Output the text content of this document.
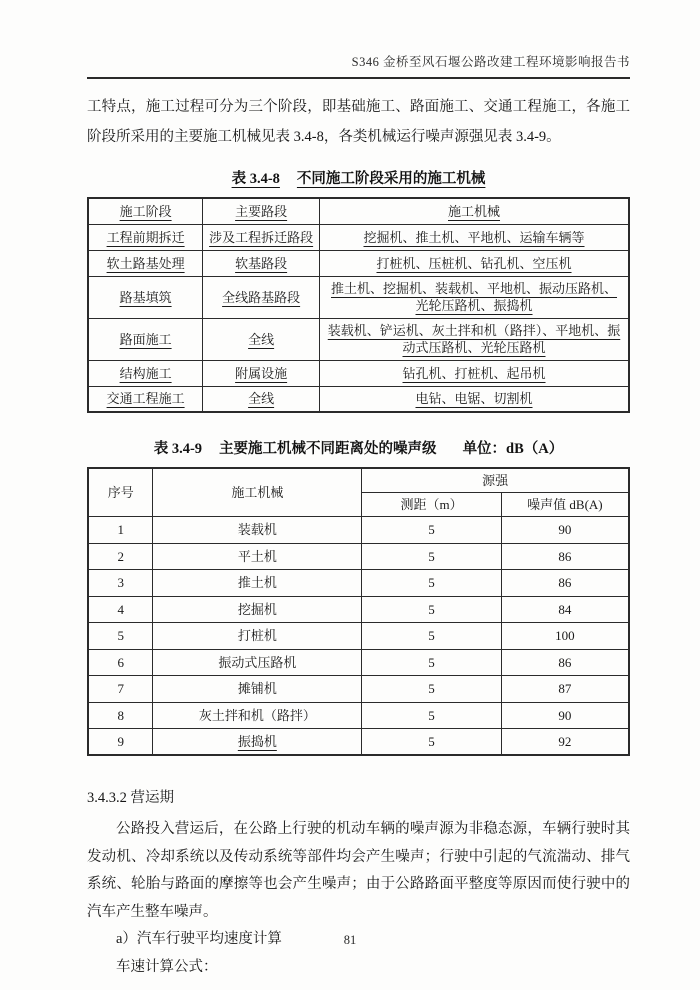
S346 金桥至风石堰公路改建工程环境影响报告书

工特点，施工过程可分为三个阶段，即基础施工、路面施工、交通工程施工，各施工阶段所采用的主要施工机械见表 3.4-8，各类机械运行噪声源强见表 3.4-9。

表 3.4-8 不同施工阶段采用的施工机械
施工阶段	主要路段	施工机械
工程前期拆迁	涉及工程拆迁路段	挖掘机、推土机、平地机、运输车辆等
软土路基处理	软基路段	打桩机、压桩机、钻孔机、空压机
路基填筑	全线路基路段	推土机、挖掘机、装载机、平地机、振动压路机、光轮压路机、振捣机
路面施工	全线	装载机、铲运机、灰土拌和机（路拌）、平地机、振动式压路机、光轮压路机
结构施工	附属设施	钻孔机、打桩机、起吊机
交通工程施工	全线	电钻、电锯、切割机
表 3.4-9 主要施工机械不同距离处的噪声级 单位：dB（A）
序号	施工机械	源强	
		测距（m）	噪声值 dB(A)
1	装载机	5	90
2	平土机	5	86
3	推土机	5	86
4	挖掘机	5	84
5	打桩机	5	100
6	振动式压路机	5	86
7	摊铺机	5	87
8	灰土拌和机（路拌）	5	90
9	振捣机	5	92
3.4.3.2 营运期

公路投入营运后，在公路上行驶的机动车辆的噪声源为非稳态源，车辆行驶时其发动机、冷却系统以及传动系统等部件均会产生噪声；行驶中引起的气流湍动、排气系统、轮胎与路面的摩擦等也会产生噪声；由于公路路面平整度等原因而使行驶中的汽车产生整车噪声。

a）汽车行驶平均速度计算

车速计算公式：

81
